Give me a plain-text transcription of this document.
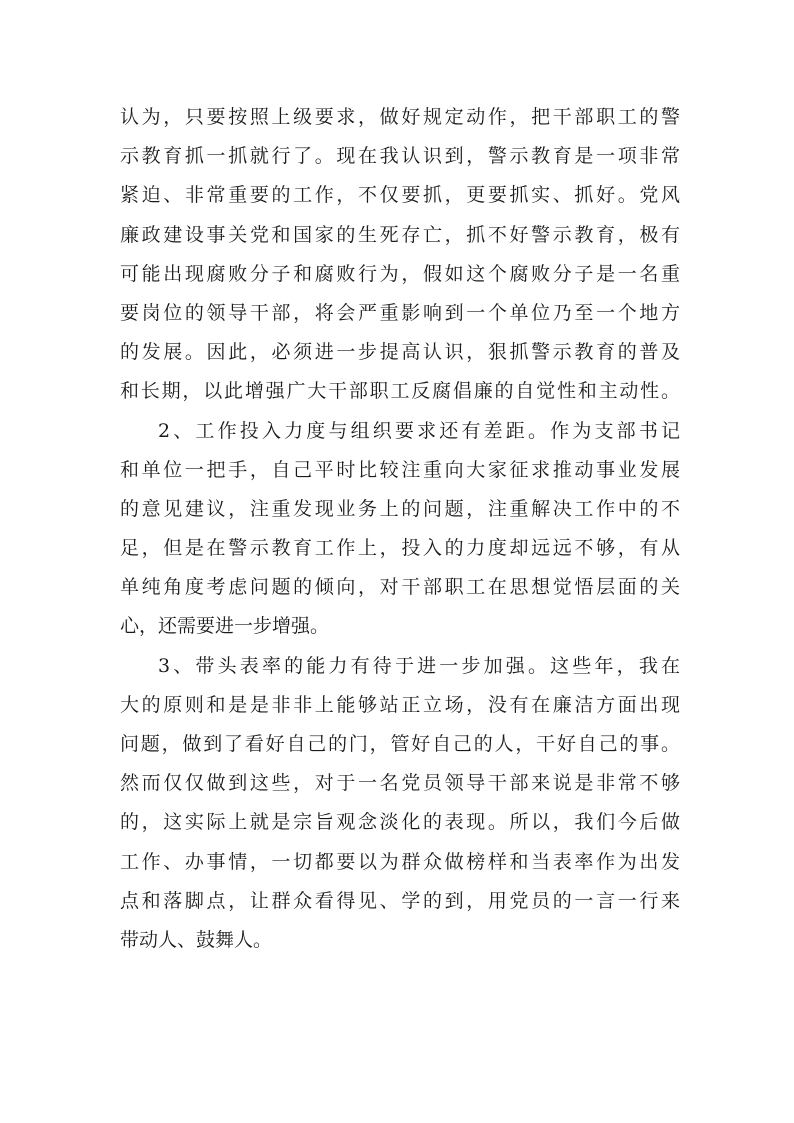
认为，只要按照上级要求，做好规定动作，把干部职工的警
示教育抓一抓就行了。现在我认识到，警示教育是一项非常
紧迫、非常重要的工作，不仅要抓，更要抓实、抓好。党风
廉政建设事关党和国家的生死存亡，抓不好警示教育，极有
可能出现腐败分子和腐败行为，假如这个腐败分子是一名重
要岗位的领导干部，将会严重影响到一个单位乃至一个地方
的发展。因此，必须进一步提高认识，狠抓警示教育的普及
和长期，以此增强广大干部职工反腐倡廉的自觉性和主动性。
2、工作投入力度与组织要求还有差距。作为支部书记
和单位一把手，自己平时比较注重向大家征求推动事业发展
的意见建议，注重发现业务上的问题，注重解决工作中的不
足，但是在警示教育工作上，投入的力度却远远不够，有从
单纯角度考虑问题的倾向，对干部职工在思想觉悟层面的关
心，还需要进一步增强。
3、带头表率的能力有待于进一步加强。这些年，我在
大的原则和是是非非上能够站正立场，没有在廉洁方面出现
问题，做到了看好自己的门，管好自己的人，干好自己的事。
然而仅仅做到这些，对于一名党员领导干部来说是非常不够
的，这实际上就是宗旨观念淡化的表现。所以，我们今后做
工作、办事情，一切都要以为群众做榜样和当表率作为出发
点和落脚点，让群众看得见、学的到，用党员的一言一行来
带动人、鼓舞人。
